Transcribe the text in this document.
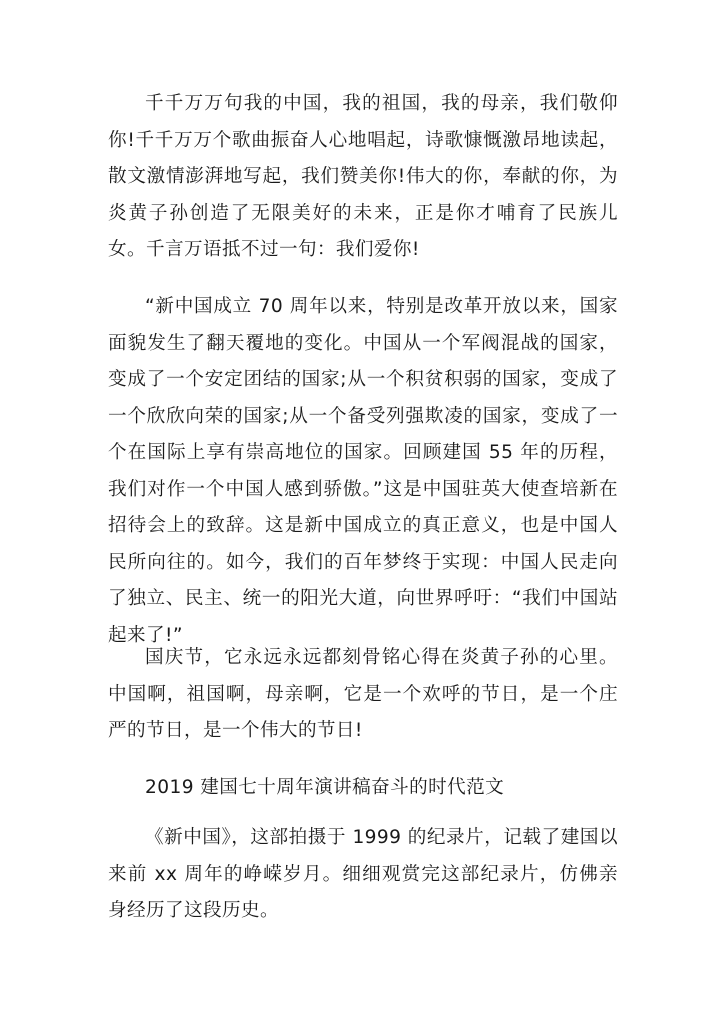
千千万万句我的中国，我的祖国，我的母亲，我们敬仰你!千千万万个歌曲振奋人心地唱起，诗歌慷慨激昂地读起，散文激情澎湃地写起，我们赞美你!伟大的你，奉献的你，为炎黄子孙创造了无限美好的未来，正是你才哺育了民族儿女。千言万语抵不过一句：我们爱你!

“新中国成立 70 周年以来，特别是改革开放以来，国家面貌发生了翻天覆地的变化。中国从一个军阀混战的国家，变成了一个安定团结的国家;从一个积贫积弱的国家，变成了一个欣欣向荣的国家;从一个备受列强欺凌的国家，变成了一个在国际上享有崇高地位的国家。回顾建国 55 年的历程，我们对作一个中国人感到骄傲。”这是中国驻英大使查培新在招待会上的致辞。这是新中国成立的真正意义，也是中国人民所向往的。如今，我们的百年梦终于实现：中国人民走向了独立、民主、统一的阳光大道，向世界呼吁：“我们中国站起来了!”

国庆节，它永远永远都刻骨铭心得在炎黄子孙的心里。中国啊，祖国啊，母亲啊，它是一个欢呼的节日，是一个庄严的节日，是一个伟大的节日!

2019 建国七十周年演讲稿奋斗的时代范文

《新中国》，这部拍摄于 1999 的纪录片，记载了建国以来前 xx 周年的峥嵘岁月。细细观赏完这部纪录片，仿佛亲身经历了这段历史。
